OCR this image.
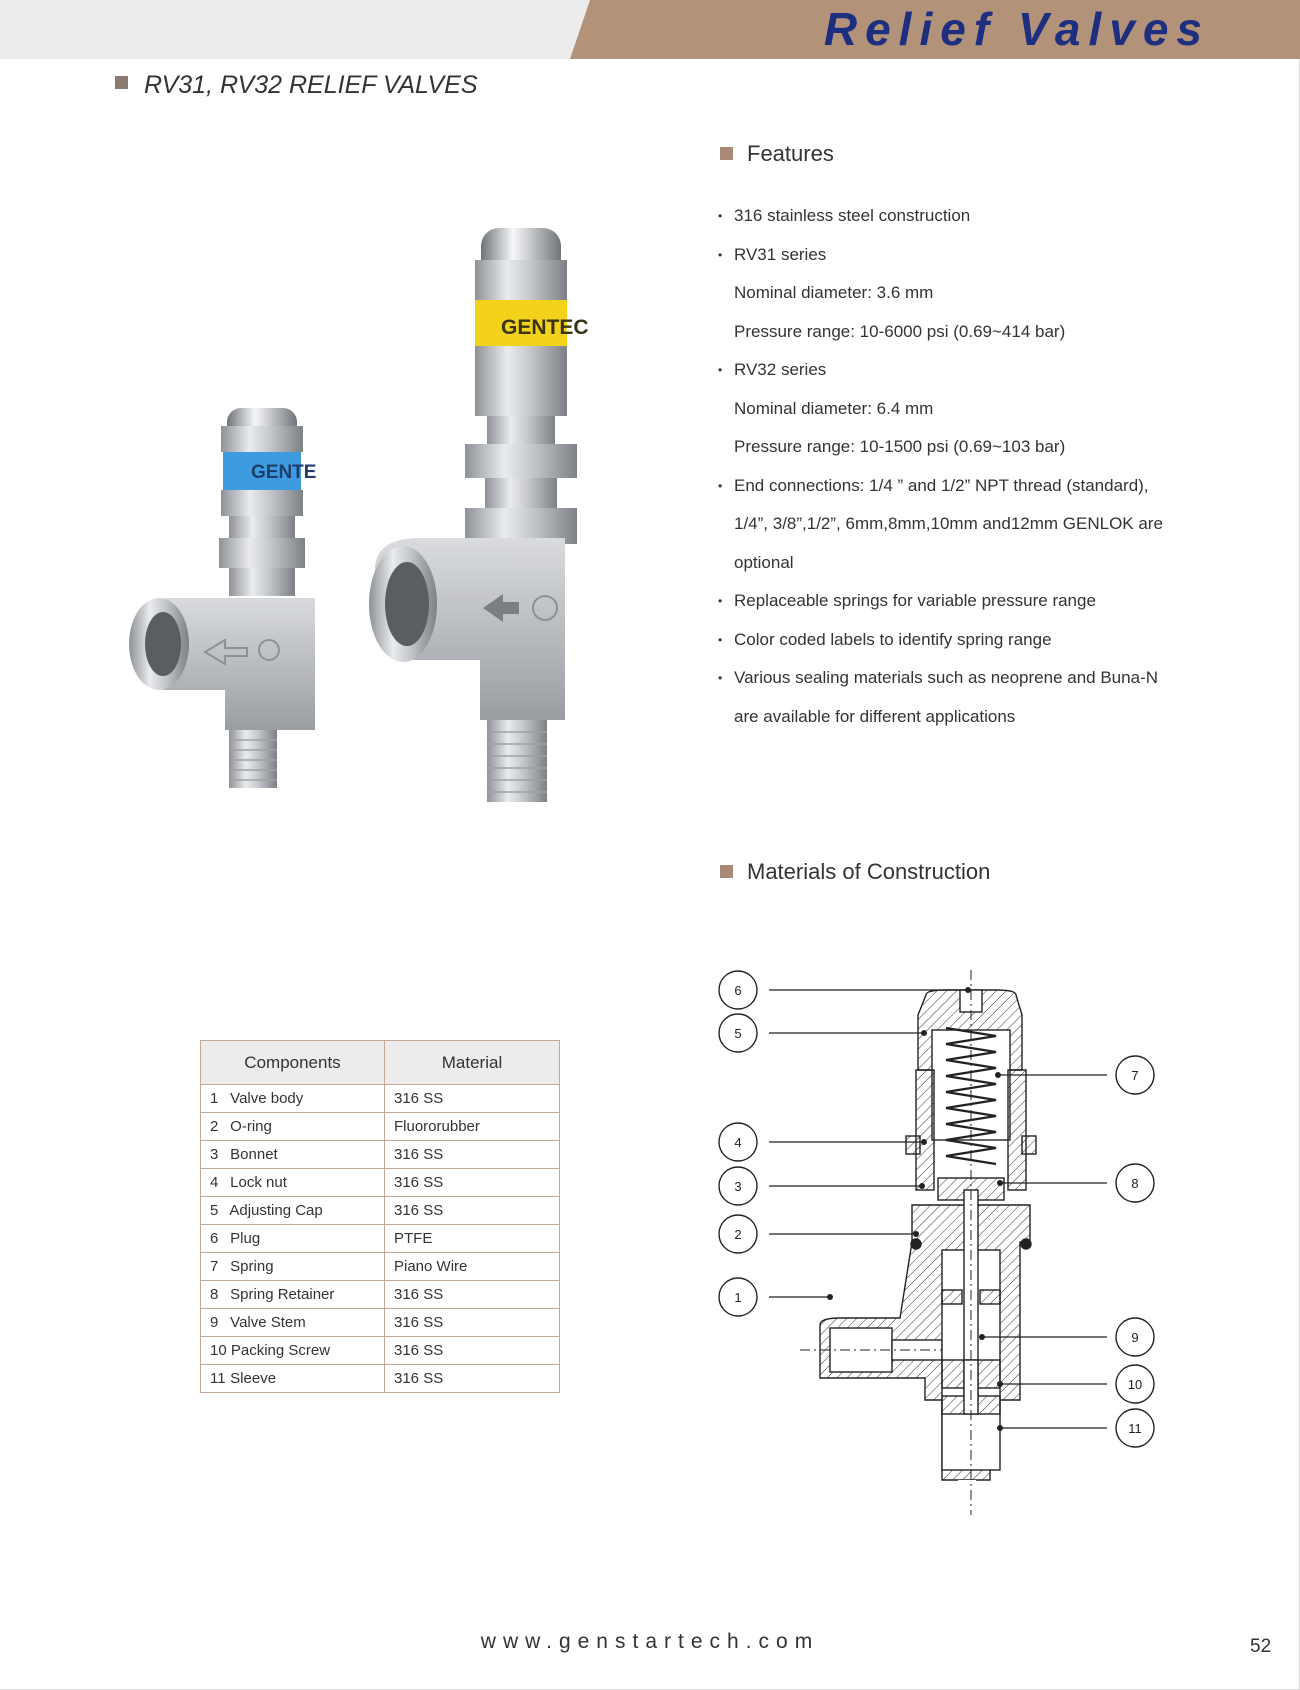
Relief Valves
RV31, RV32 RELIEF VALVES
Features
• 316 stainless steel construction
• RV31 series
Nominal diameter: 3.6 mm
Pressure range: 10-6000 psi (0.69~414 bar)
• RV32 series
Nominal diameter: 6.4 mm
Pressure range: 10-1500 psi (0.69~103 bar)
• End connections: 1/4 ” and 1/2” NPT thread (standard),
1/4”, 3/8”,1/2”, 6mm,8mm,10mm and12mm GENLOK are
optional
• Replaceable springs for variable pressure range
• Color coded labels to identify spring range
• Various sealing materials such as neoprene and Buna-N
are available for different applications
GENTE
GENTEC
Materials of Construction
Components	Material
1 Valve body	316 SS
2 O-ring	Fluororubber
3 Bonnet	316 SS
4 Lock nut	316 SS
5 Adjusting Cap	316 SS
6 Plug	PTFE
7 Spring	Piano Wire
8 Spring Retainer	316 SS
9 Valve Stem	316 SS
10 Packing Screw	316 SS
11 Sleeve	316 SS
1
2
3
4
5
6
7
8
9
10
11
www.genstartech.com	52
